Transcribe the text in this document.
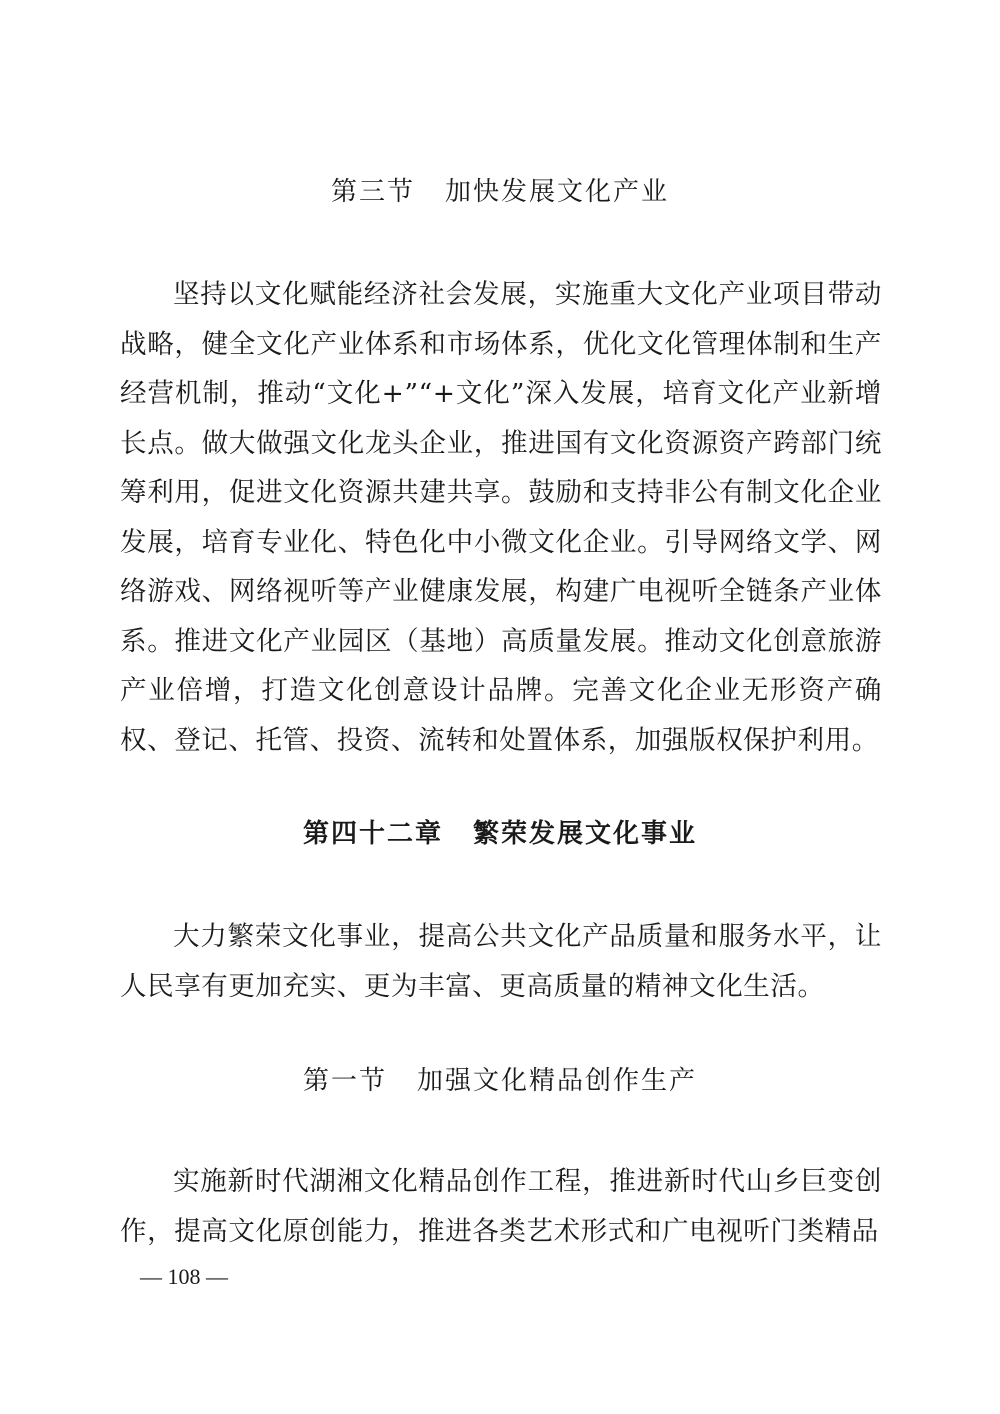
第三节 加快发展文化产业

坚持以文化赋能经济社会发展，实施重大文化产业项目带动战略，健全文化产业体系和市场体系，优化文化管理体制和生产经营机制，推动“文化+”“+文化”深入发展，培育文化产业新增长点。做大做强文化龙头企业，推进国有文化资源资产跨部门统筹利用，促进文化资源共建共享。鼓励和支持非公有制文化企业发展，培育专业化、特色化中小微文化企业。引导网络文学、网络游戏、网络视听等产业健康发展，构建广电视听全链条产业体系。推进文化产业园区（基地）高质量发展。推动文化创意旅游产业倍增，打造文化创意设计品牌。完善文化企业无形资产确权、登记、托管、投资、流转和处置体系，加强版权保护利用。

第四十二章 繁荣发展文化事业

大力繁荣文化事业，提高公共文化产品质量和服务水平，让人民享有更加充实、更为丰富、更高质量的精神文化生活。

第一节 加强文化精品创作生产

实施新时代湖湘文化精品创作工程，推进新时代山乡巨变创作，提高文化原创能力，推进各类艺术形式和广电视听门类精品

— 108 —
